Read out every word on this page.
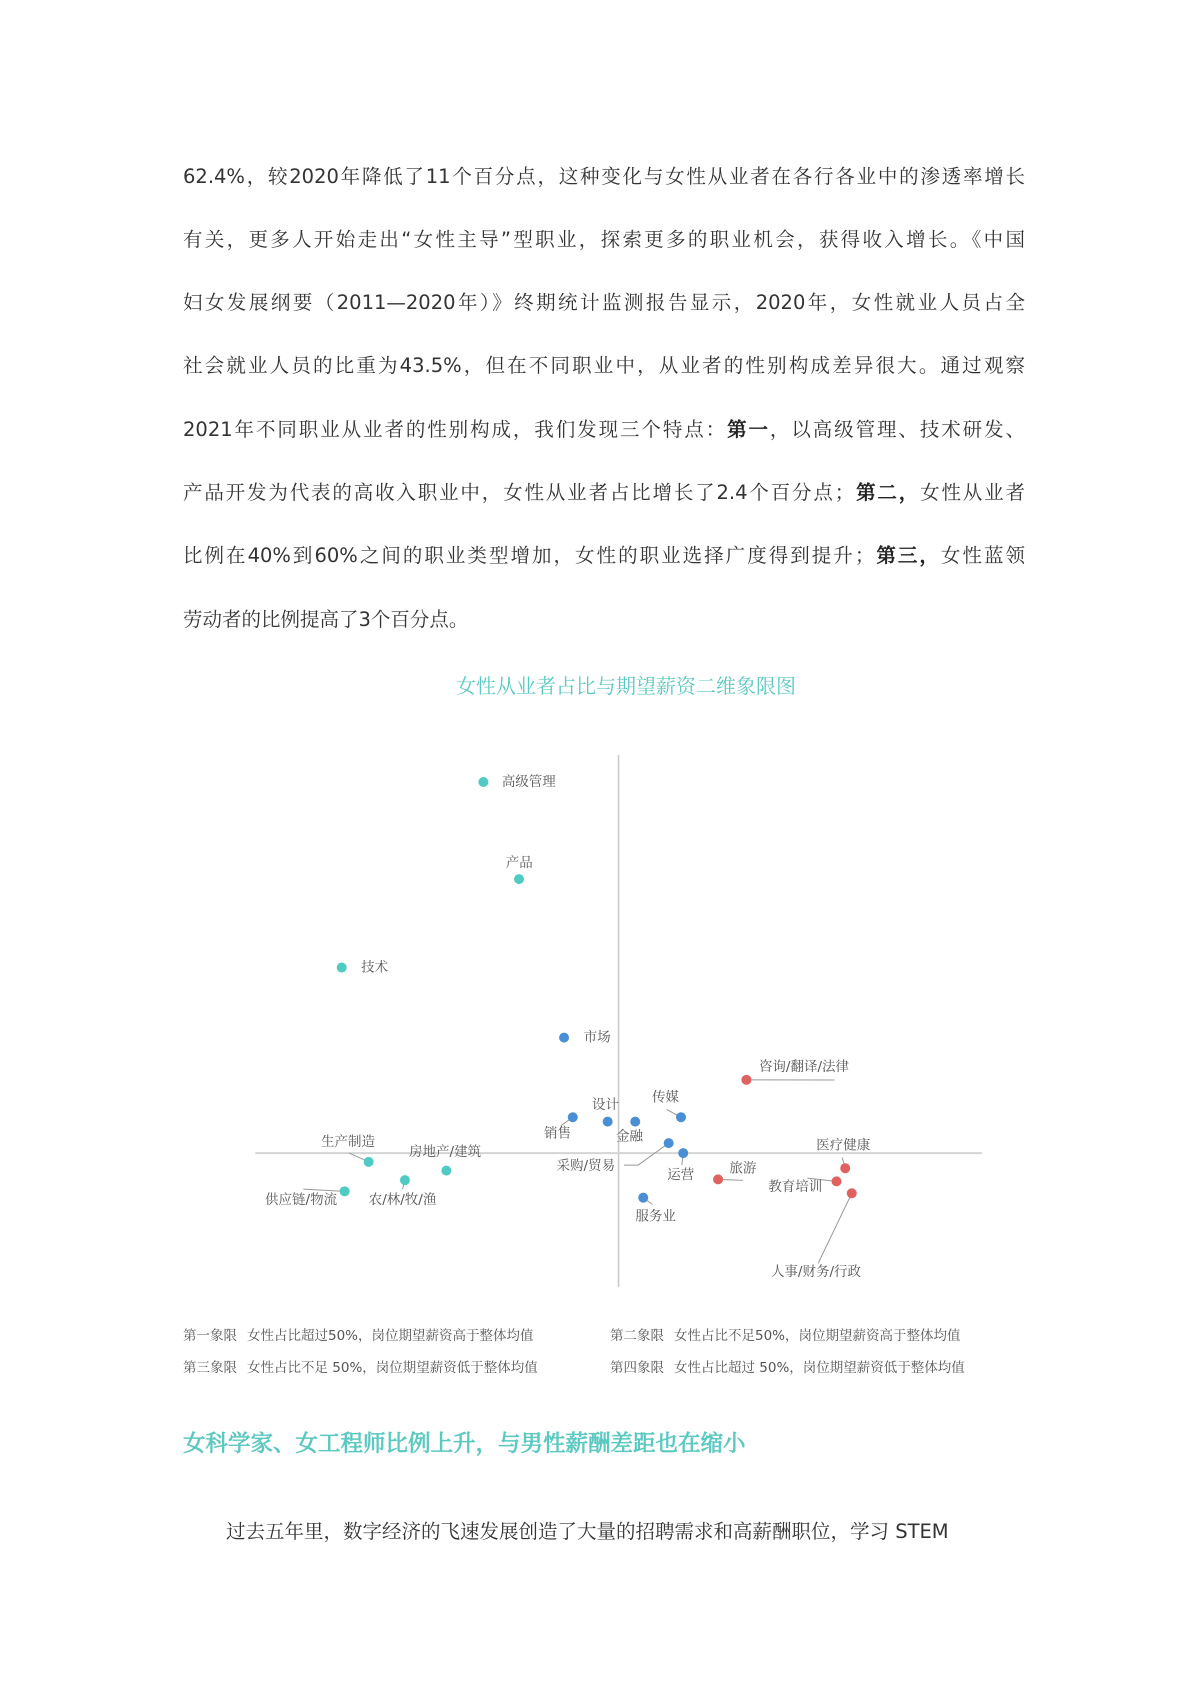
62.4%，较2020年降低了11个百分点，这种变化与女性从业者在各行各业中的渗透率增长
有关，更多人开始走出“女性主导”型职业，探索更多的职业机会，获得收入增长。《中国
妇女发展纲要（2011—2020年）》终期统计监测报告显示，2020年，女性就业人员占全
社会就业人员的比重为43.5%，但在不同职业中，从业者的性别构成差异很大。通过观察
2021年不同职业从业者的性别构成，我们发现三个特点：第一，以高级管理、技术研发、
产品开发为代表的高收入职业中，女性从业者占比增长了2.4个百分点；第二，女性从业者
比例在40%到60%之间的职业类型增加，女性的职业选择广度得到提升；第三，女性蓝领
劳动者的比例提高了3个百分点。
女性从业者占比与期望薪资二维象限图
高级管理
产品
技术
市场
销售
设计
金融
传媒
采购/贸易
运营
服务业
咨询/翻译/法律
旅游
医疗健康
教育培训
人事/财务/行政
生产制造
房地产/建筑
农/林/牧/渔
供应链/物流
第一象限 女性占比超过50%，岗位期望薪资高于整体均值	第二象限 女性占比不足50%，岗位期望薪资高于整体均值
第三象限 女性占比不足 50%，岗位期望薪资低于整体均值	第四象限 女性占比超过 50%，岗位期望薪资低于整体均值
女科学家、女工程师比例上升，与男性薪酬差距也在缩小
过去五年里，数字经济的飞速发展创造了大量的招聘需求和高薪酬职位，学习 STEM
